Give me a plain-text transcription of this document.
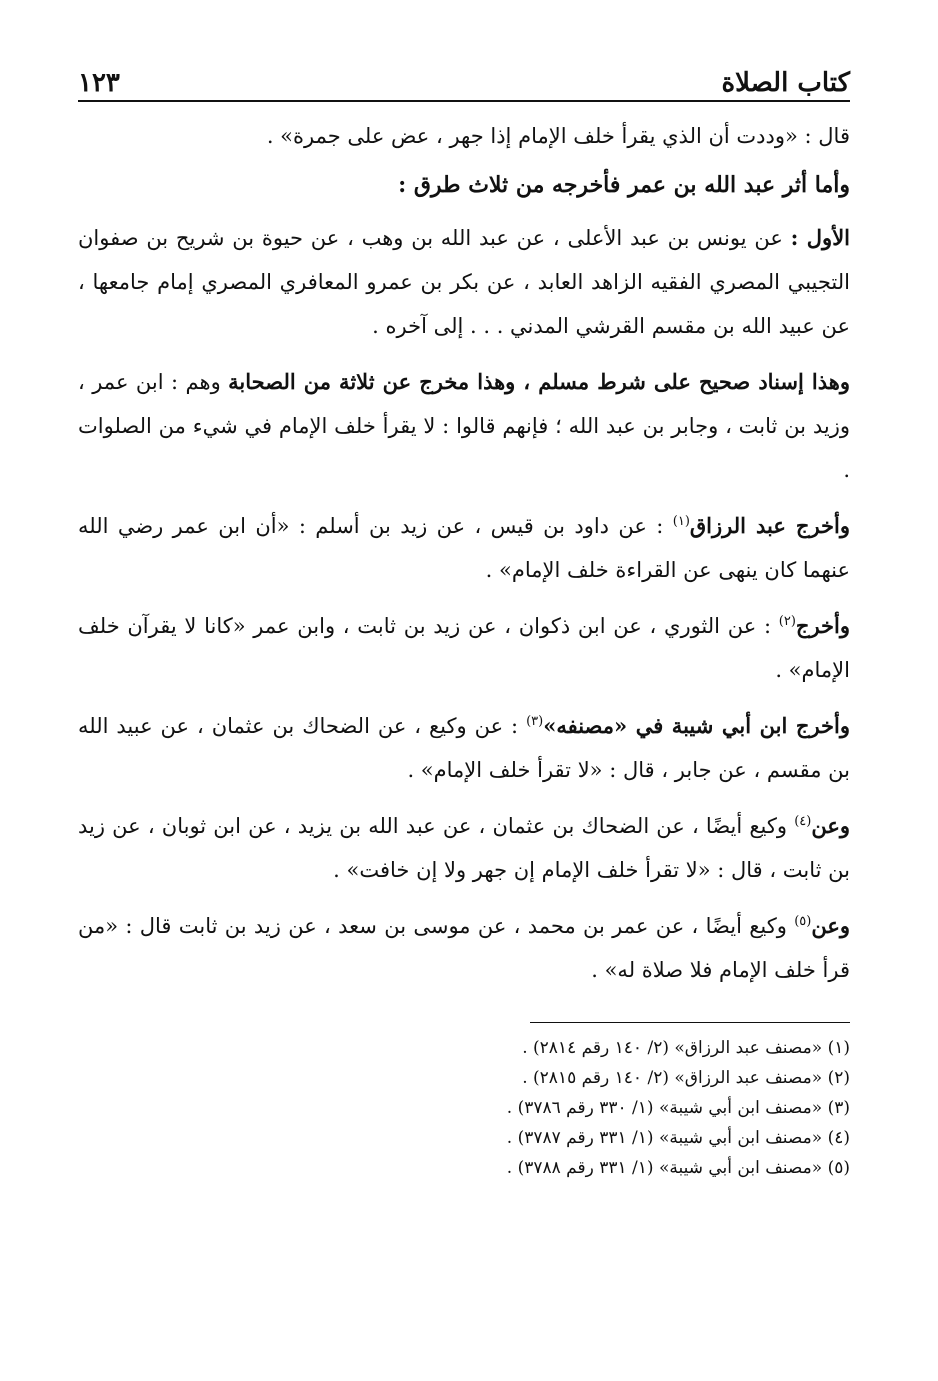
كتاب الصلاة
١٢٣

قال : «وددت أن الذي يقرأ خلف الإمام إذا جهر ، عض على جمرة» .

وأما أثر عبد الله بن عمر فأخرجه من ثلاث طرق :

الأول : عن يونس بن عبد الأعلى ، عن عبد الله بن وهب ، عن حيوة بن شريح بن صفوان التجيبي المصري الفقيه الزاهد العابد ، عن بكر بن عمرو المعافري المصري إمام جامعها ، عن عبيد الله بن مقسم القرشي المدني . . . إلى آخره .

وهذا إسناد صحيح على شرط مسلم ، وهذا مخرج عن ثلاثة من الصحابة وهم : ابن عمر ، وزيد بن ثابت ، وجابر بن عبد الله ؛ فإنهم قالوا : لا يقرأ خلف الإمام في شيء من الصلوات .

وأخرج عبد الرزاق$^{(١)}$ : عن داود بن قيس ، عن زيد بن أسلم : «أن ابن عمر رضي الله عنهما كان ينهى عن القراءة خلف الإمام» .

وأخرج$^{(٢)}$ : عن الثوري ، عن ابن ذكوان ، عن زيد بن ثابت ، وابن عمر «كانا لا يقرآن خلف الإمام» .

وأخرج ابن أبي شيبة في «مصنفه»$^{(٣)}$ : عن وكيع ، عن الضحاك بن عثمان ، عن عبيد الله بن مقسم ، عن جابر ، قال : «لا تقرأ خلف الإمام» .

وعن$^{(٤)}$ وكيع أيضًا ، عن الضحاك بن عثمان ، عن عبد الله بن يزيد ، عن ابن ثوبان ، عن زيد بن ثابت ، قال : «لا تقرأ خلف الإمام إن جهر ولا إن خافت» .

وعن$^{(٥)}$ وكيع أيضًا ، عن عمر بن محمد ، عن موسى بن سعد ، عن زيد بن ثابت قال : «من قرأ خلف الإمام فلا صلاة له» .

(١) «مصنف عبد الرزاق» (٢/ ١٤٠ رقم ٢٨١٤) .
(٢) «مصنف عبد الرزاق» (٢/ ١٤٠ رقم ٢٨١٥) .
(٣) «مصنف ابن أبي شيبة» (١/ ٣٣٠ رقم ٣٧٨٦) .
(٤) «مصنف ابن أبي شيبة» (١/ ٣٣١ رقم ٣٧٨٧) .
(٥) «مصنف ابن أبي شيبة» (١/ ٣٣١ رقم ٣٧٨٨) .
